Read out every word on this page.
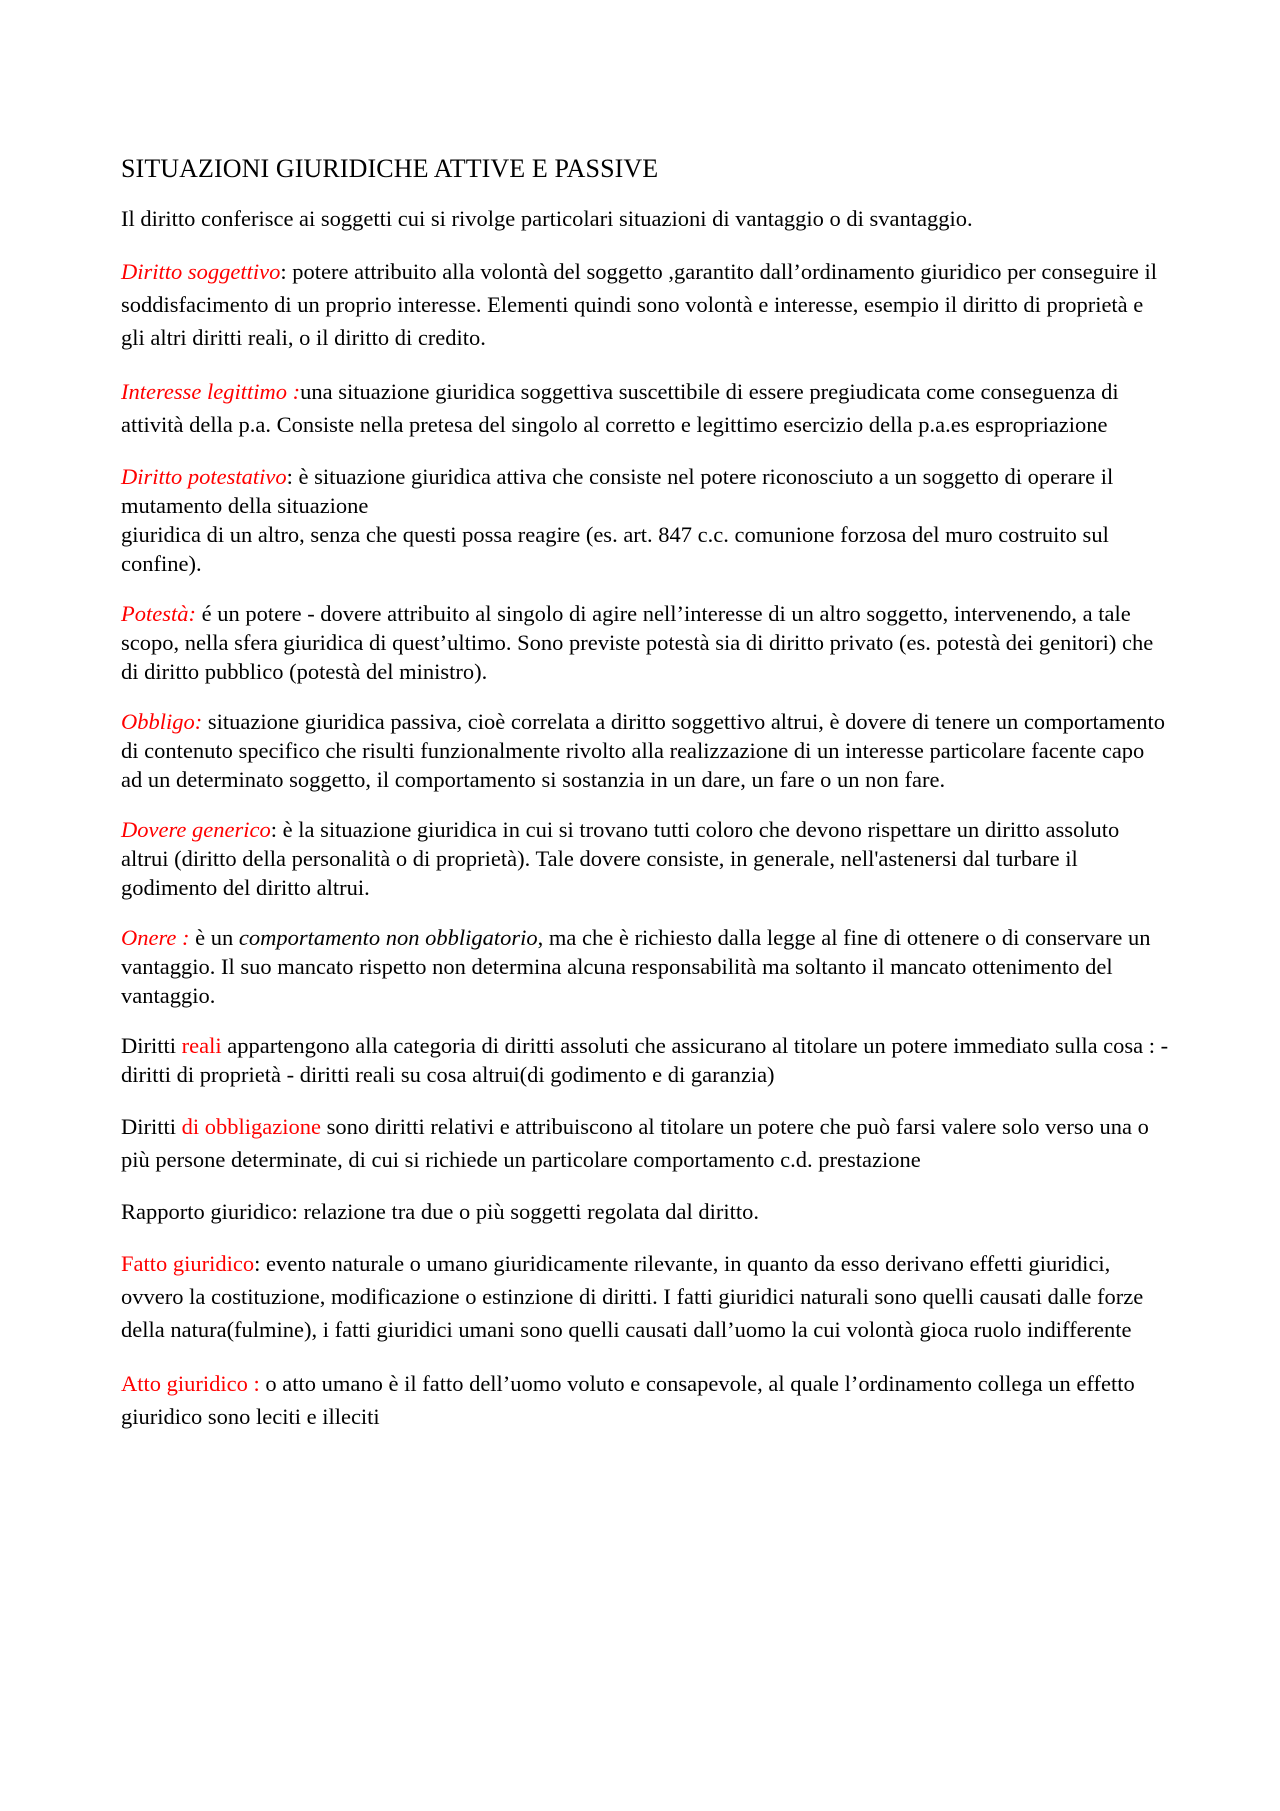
SITUAZIONI GIURIDICHE ATTIVE E PASSIVE

Il diritto conferisce ai soggetti cui si rivolge particolari situazioni di vantaggio o di svantaggio.

Diritto soggettivo: potere attribuito alla volontà del soggetto ,garantito dall’ordinamento giuridico per conseguire il soddisfacimento di un proprio interesse. Elementi quindi sono volontà e interesse, esempio il diritto di proprietà e gli altri diritti reali, o il diritto di credito.

Interesse legittimo :una situazione giuridica soggettiva suscettibile di essere pregiudicata come conseguenza di attività della p.a. Consiste nella pretesa del singolo al corretto e legittimo esercizio della p.a.es espropriazione

Diritto potestativo: è situazione giuridica attiva che consiste nel potere riconosciuto a un soggetto di operare il mutamento della situazione
giuridica di un altro, senza che questi possa reagire (es. art. 847 c.c. comunione forzosa del muro costruito sul confine).

Potestà: é un potere - dovere attribuito al singolo di agire nell’interesse di un altro soggetto, intervenendo, a tale scopo, nella sfera giuridica di quest’ultimo. Sono previste potestà sia di diritto privato (es. potestà dei genitori) che di diritto pubblico (potestà del ministro).

Obbligo: situazione giuridica passiva, cioè correlata a diritto soggettivo altrui, è dovere di tenere un comportamento di contenuto specifico che risulti funzionalmente rivolto alla realizzazione di un interesse particolare facente capo ad un determinato soggetto, il comportamento si sostanzia in un dare, un fare o un non fare.

Dovere generico: è la situazione giuridica in cui si trovano tutti coloro che devono rispettare un diritto assoluto altrui (diritto della personalità o di proprietà). Tale dovere consiste, in generale, nell'astenersi dal turbare il godimento del diritto altrui.

Onere : è un comportamento non obbligatorio, ma che è richiesto dalla legge al fine di ottenere o di conservare un vantaggio. Il suo mancato rispetto non determina alcuna responsabilità ma soltanto il mancato ottenimento del vantaggio.

Diritti reali appartengono alla categoria di diritti assoluti che assicurano al titolare un potere immediato sulla cosa : - diritti di proprietà - diritti reali su cosa altrui(di godimento e di garanzia)

Diritti di obbligazione sono diritti relativi e attribuiscono al titolare un potere che può farsi valere solo verso una o più persone determinate, di cui si richiede un particolare comportamento c.d. prestazione

Rapporto giuridico: relazione tra due o più soggetti regolata dal diritto.

Fatto giuridico: evento naturale o umano giuridicamente rilevante, in quanto da esso derivano effetti giuridici, ovvero la costituzione, modificazione o estinzione di diritti. I fatti giuridici naturali sono quelli causati dalle forze della natura(fulmine), i fatti giuridici umani sono quelli causati dall’uomo la cui volontà gioca ruolo indifferente

Atto giuridico : o atto umano è il fatto dell’uomo voluto e consapevole, al quale l’ordinamento collega un effetto giuridico sono leciti e illeciti
